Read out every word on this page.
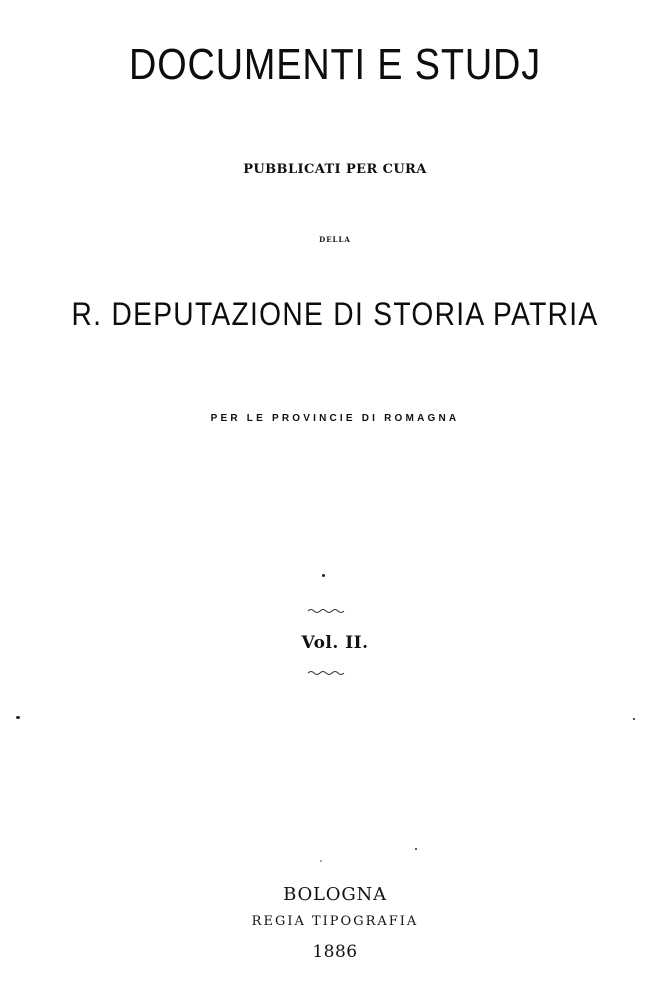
DOCUMENTI E STUDJ
PUBBLICATI PER CURA
DELLA
R. DEPUTAZIONE DI STORIA PATRIA
PER LE PROVINCIE DI ROMAGNA
Vol. II.
BOLOGNA
REGIA TIPOGRAFIA
1886
